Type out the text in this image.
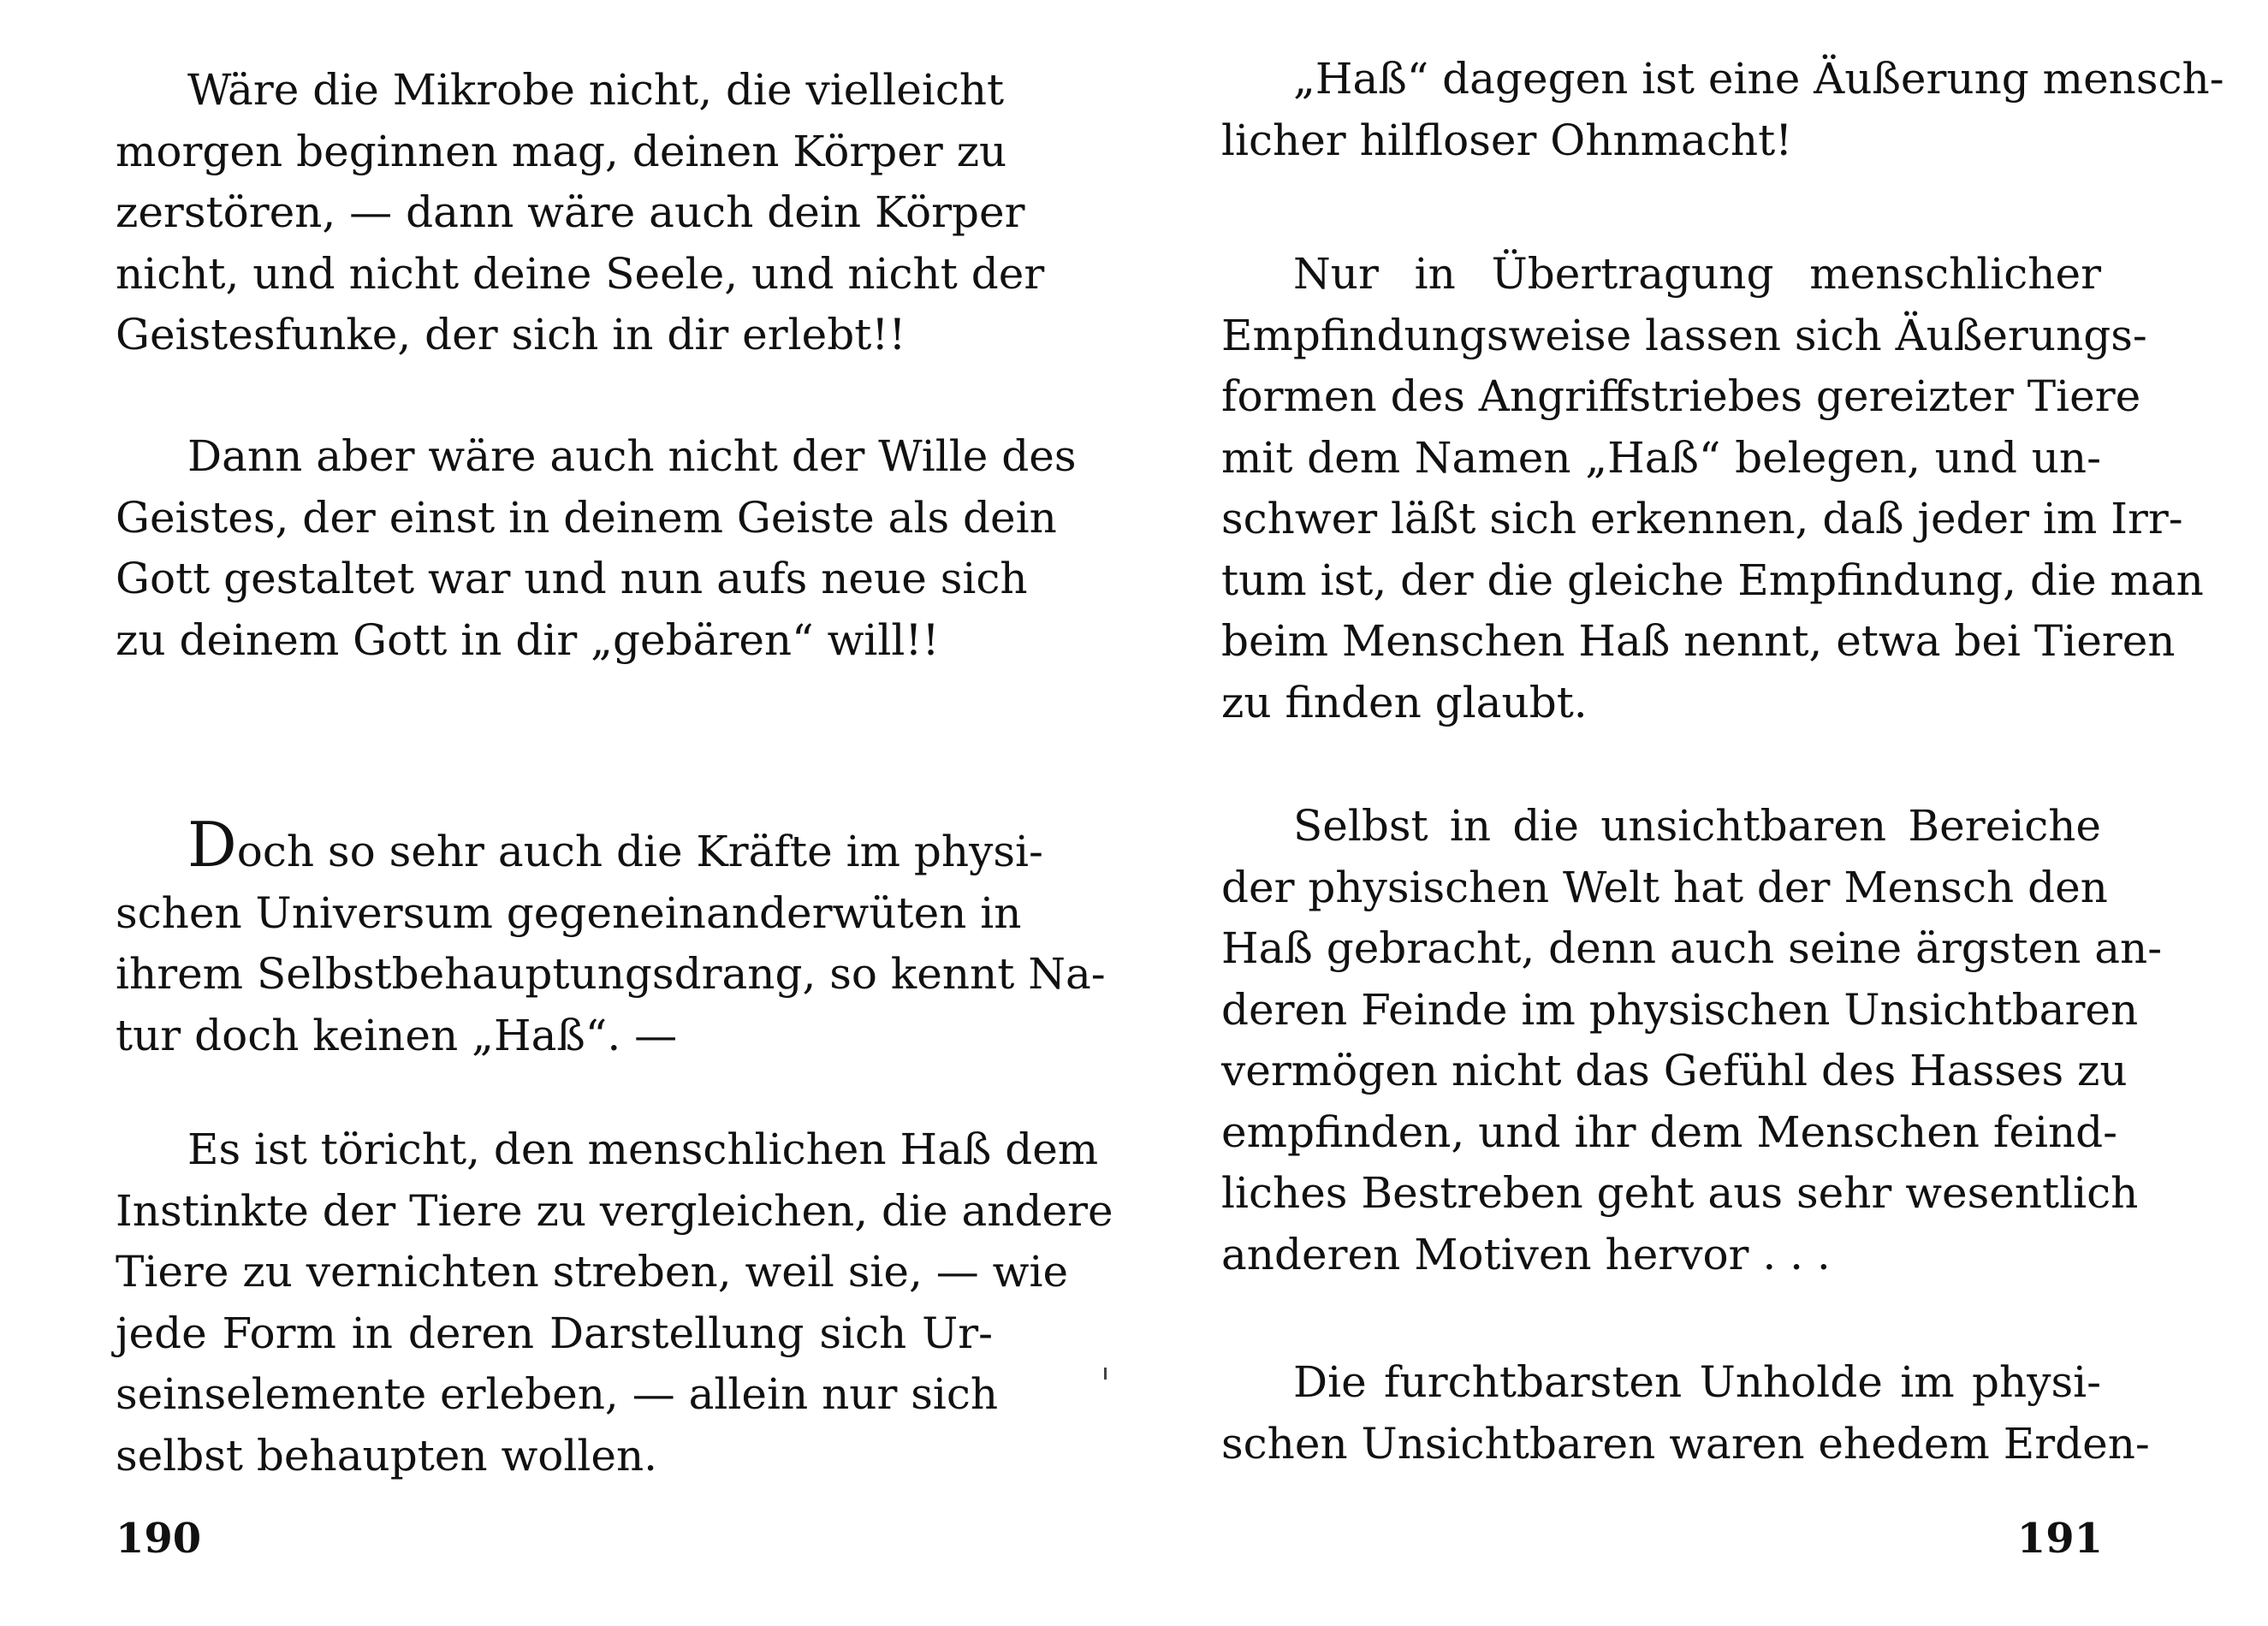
Wäre die Mikrobe nicht, die vielleicht
morgen beginnen mag, deinen Körper zu
zerstören, — dann wäre auch dein Körper
nicht, und nicht deine Seele, und nicht der
Geistesfunke, der sich in dir erlebt!!

Dann aber wäre auch nicht der Wille des
Geistes, der einst in deinem Geiste als dein
Gott gestaltet war und nun aufs neue sich
zu deinem Gott in dir „gebären“ will!!

Doch so sehr auch die Kräfte im physi-
schen Universum gegeneinanderwüten in
ihrem Selbstbehauptungsdrang, so kennt Na-
tur doch keinen „Haß“. —

Es ist töricht, den menschlichen Haß dem
Instinkte der Tiere zu vergleichen, die andere
Tiere zu vernichten streben, weil sie, — wie
jede Form in deren Darstellung sich Ur-
seinselemente erleben, — allein nur sich
selbst behaupten wollen.

190

„Haß“ dagegen ist eine Äußerung mensch-
licher hilfloser Ohnmacht!

Nur in Übertragung menschlicher
Empfindungsweise lassen sich Äußerungs-
formen des Angriffstriebes gereizter Tiere
mit dem Namen „Haß“ belegen, und un-
schwer läßt sich erkennen, daß jeder im Irr-
tum ist, der die gleiche Empfindung, die man
beim Menschen Haß nennt, etwa bei Tieren
zu finden glaubt.

Selbst in die unsichtbaren Bereiche
der physischen Welt hat der Mensch den
Haß gebracht, denn auch seine ärgsten an-
deren Feinde im physischen Unsichtbaren
vermögen nicht das Gefühl des Hasses zu
empfinden, und ihr dem Menschen feind-
liches Bestreben geht aus sehr wesentlich
anderen Motiven hervor . . .

Die furchtbarsten Unholde im physi-
schen Unsichtbaren waren ehedem Erden-

191
